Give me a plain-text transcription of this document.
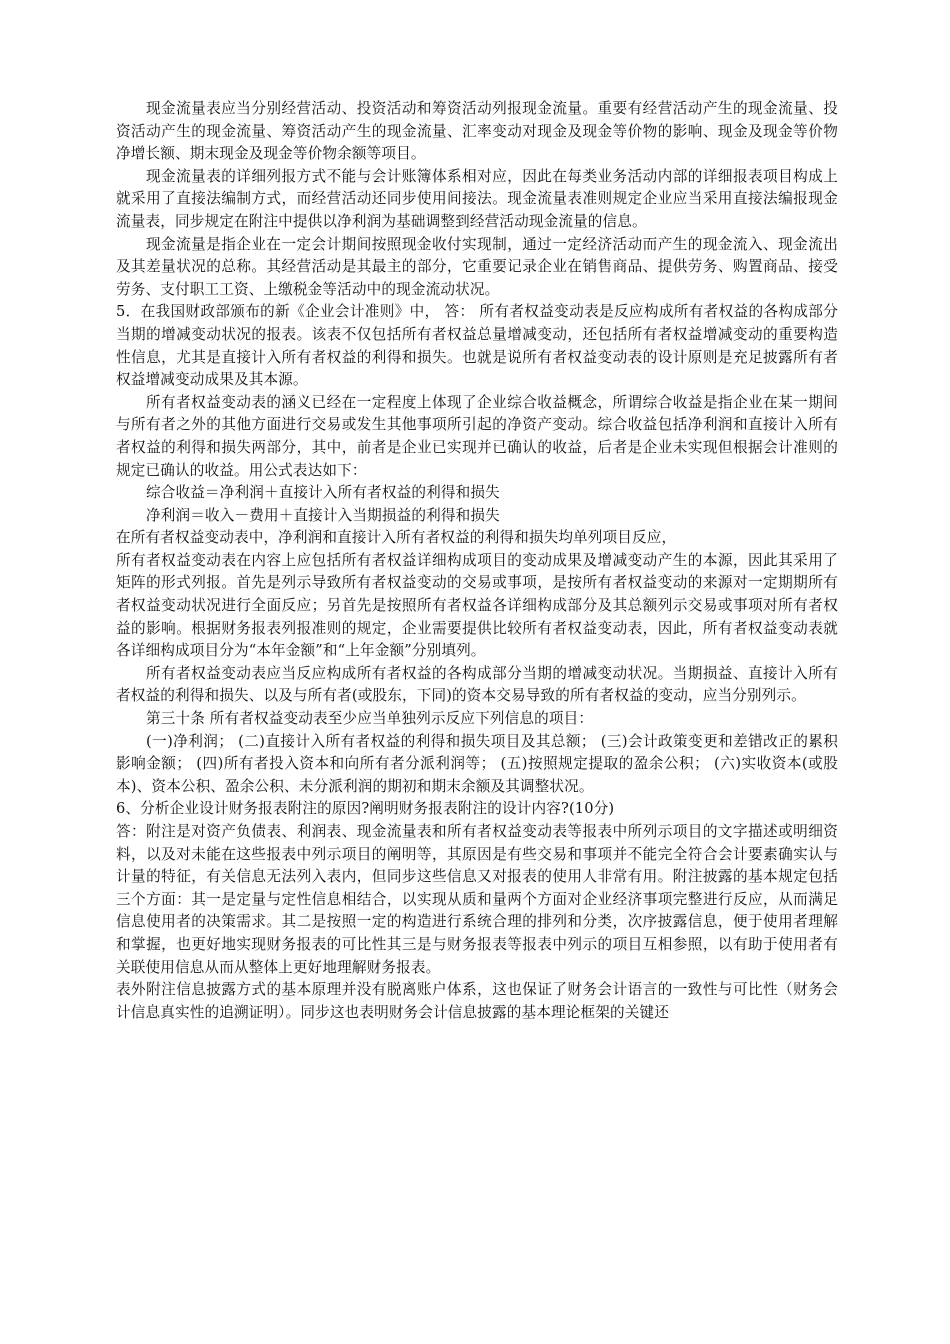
现金流量表应当分别经营活动、投资活动和筹资活动列报现金流量。重要有经营活动产生的现金流量、投资活动产生的现金流量、筹资活动产生的现金流量、汇率变动对现金及现金等价物的影响、现金及现金等价物净增长额、期末现金及现金等价物余额等项目。

现金流量表的详细列报方式不能与会计账簿体系相对应，因此在每类业务活动内部的详细报表项目构成上就采用了直接法编制方式，而经营活动还同步使用间接法。现金流量表准则规定企业应当采用直接法编报现金流量表，同步规定在附注中提供以净利润为基础调整到经营活动现金流量的信息。

现金流量是指企业在一定会计期间按照现金收付实现制，通过一定经济活动而产生的现金流入、现金流出及其差量状况的总称。其经营活动是其最主的部分，它重要记录企业在销售商品、提供劳务、购置商品、接受劳务、支付职工工资、上缴税金等活动中的现金流动状况。

5．在我国财政部颁布的新《企业会计准则》中， 答： 所有者权益变动表是反应构成所有者权益的各构成部分当期的增减变动状况的报表。该表不仅包括所有者权益总量增减变动，还包括所有者权益增减变动的重要构造性信息，尤其是直接计入所有者权益的利得和损失。也就是说所有者权益变动表的设计原则是充足披露所有者权益增减变动成果及其本源。

所有者权益变动表的涵义已经在一定程度上体现了企业综合收益概念，所谓综合收益是指企业在某一期间与所有者之外的其他方面进行交易或发生其他事项所引起的净资产变动。综合收益包括净利润和直接计入所有者权益的利得和损失两部分，其中，前者是企业已实现并已确认的收益，后者是企业未实现但根据会计准则的规定已确认的收益。用公式表达如下：

综合收益＝净利润＋直接计入所有者权益的利得和损失

净利润＝收入－费用＋直接计入当期损益的利得和损失

在所有者权益变动表中，净利润和直接计入所有者权益的利得和损失均单列项目反应，

所有者权益变动表在内容上应包括所有者权益详细构成项目的变动成果及增减变动产生的本源，因此其采用了矩阵的形式列报。首先是列示导致所有者权益变动的交易或事项，是按所有者权益变动的来源对一定期期所有者权益变动状况进行全面反应；另首先是按照所有者权益各详细构成部分及其总额列示交易或事项对所有者权益的影响。根据财务报表列报准则的规定，企业需要提供比较所有者权益变动表，因此，所有者权益变动表就各详细构成项目分为“本年金额”和“上年金额”分别填列。

所有者权益变动表应当反应构成所有者权益的各构成部分当期的增减变动状况。当期损益、直接计入所有者权益的利得和损失、以及与所有者(或股东，下同)的资本交易导致的所有者权益的变动，应当分别列示。

第三十条 所有者权益变动表至少应当单独列示反应下列信息的项目：

(一)净利润； (二)直接计入所有者权益的利得和损失项目及其总额； (三)会计政策变更和差错改正的累积影响金额； (四)所有者投入资本和向所有者分派利润等； (五)按照规定提取的盈余公积； (六)实收资本(或股本)、资本公积、盈余公积、未分派利润的期初和期末余额及其调整状况。

6、分析企业设计财务报表附注的原因?阐明财务报表附注的设计内容?(10分)

答：附注是对资产负债表、利润表、现金流量表和所有者权益变动表等报表中所列示项目的文字描述或明细资料，以及对未能在这些报表中列示项目的阐明等，其原因是有些交易和事项并不能完全符合会计要素确实认与计量的特征，有关信息无法列入表内，但同步这些信息又对报表的使用人非常有用。附注披露的基本规定包括三个方面：其一是定量与定性信息相结合，以实现从质和量两个方面对企业经济事项完整进行反应，从而满足信息使用者的决策需求。其二是按照一定的构造进行系统合理的排列和分类，次序披露信息，便于使用者理解和掌握，也更好地实现财务报表的可比性其三是与财务报表等报表中列示的项目互相参照，以有助于使用者有关联使用信息从而从整体上更好地理解财务报表。

表外附注信息披露方式的基本原理并没有脱离账户体系，这也保证了财务会计语言的一致性与可比性（财务会计信息真实性的追溯证明）。同步这也表明财务会计信息披露的基本理论框架的关键还
